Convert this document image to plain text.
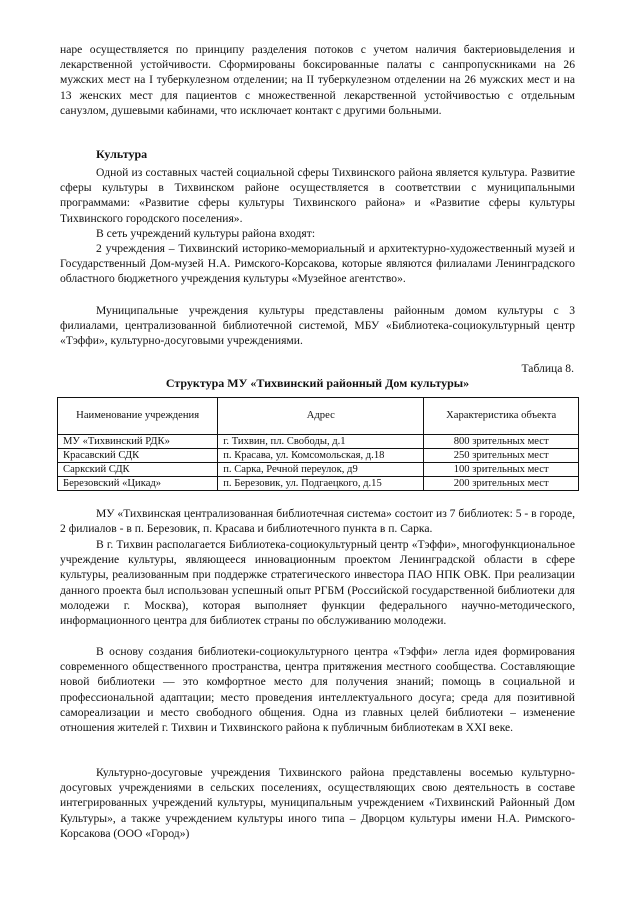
наре осуществляется по принципу разделения потоков с учетом наличия бактериовыделения и лекарственной устойчивости. Сформированы боксированные палаты с санпропускниками на 26 мужских мест на I туберкулезном отделении; на II туберкулезном отделении на 26 мужских мест и на 13 женских мест для пациентов с множественной лекарственной устойчивостью с отдельным санузлом, душевыми кабинами, что исключает контакт с другими больными.

Культура

Одной из составных частей социальной сферы Тихвинского района является культура. Развитие сферы культуры в Тихвинском районе осуществляется в соответствии с муниципальными программами: «Развитие сферы культуры Тихвинского района» и «Развитие сферы культуры Тихвинского городского поселения».

В сеть учреждений культуры района входят:

2 учреждения – Тихвинский историко-мемориальный и архитектурно-художественный музей и Государственный Дом-музей Н.А. Римского-Корсакова, которые являются филиалами Ленинградского областного бюджетного учреждения культуры «Музейное агентство».

Муниципальные учреждения культуры представлены районным домом культуры с 3 филиалами, централизованной библиотечной системой, МБУ «Библиотека-социокультурный центр «Тэффи», культурно-досуговыми учреждениями.

Таблица 8.

Структура МУ «Тихвинский районный Дом культуры»

Наименование учреждения	Адрес	Характеристика объекта
МУ «Тихвинский РДК»	г. Тихвин, пл. Свободы, д.1	800 зрительных мест
Красавский СДК	п. Красава, ул. Комсомольская, д.18	250 зрительных мест
Саркский СДК	п. Сарка, Речной переулок, д9	100 зрительных мест
Березовский «Цикад»	п. Березовик, ул. Подгаецкого, д.15	200 зрительных мест

МУ «Тихвинская централизованная библиотечная система» состоит из 7 библиотек: 5 - в городе, 2 филиалов - в п. Березовик, п. Красава и библиотечного пункта в п. Сарка.

В г. Тихвин располагается Библиотека-социокультурный центр «Тэффи», многофункциональное учреждение культуры, являющееся инновационным проектом Ленинградской области в сфере культуры, реализованным при поддержке стратегического инвестора ПАО НПК ОВК. При реализации данного проекта был использован успешный опыт РГБМ (Российской государственной библиотеки для молодежи г. Москва), которая выполняет функции федерального научно-методического, информационного центра для библиотек страны по обслуживанию молодежи.

В основу создания библиотеки-социокультурного центра «Тэффи» легла идея формирования современного общественного пространства, центра притяжения местного сообщества. Составляющие новой библиотеки — это комфортное место для получения знаний; помощь в социальной и профессиональной адаптации; место проведения интеллектуального досуга; среда для позитивной самореализации и место свободного общения. Одна из главных целей библиотеки – изменение отношения жителей г. Тихвин и Тихвинского района к публичным библиотекам в XXI веке.

Культурно-досуговые учреждения Тихвинского района представлены восемью культурно-досуговых учреждениями в сельских поселениях, осуществляющих свою деятельность в составе интегрированных учреждений культуры, муниципальным учреждением «Тихвинский Районный Дом Культуры», а также учреждением культуры иного типа – Дворцом культуры имени Н.А. Римского-Корсакова (ООО «Город»)
